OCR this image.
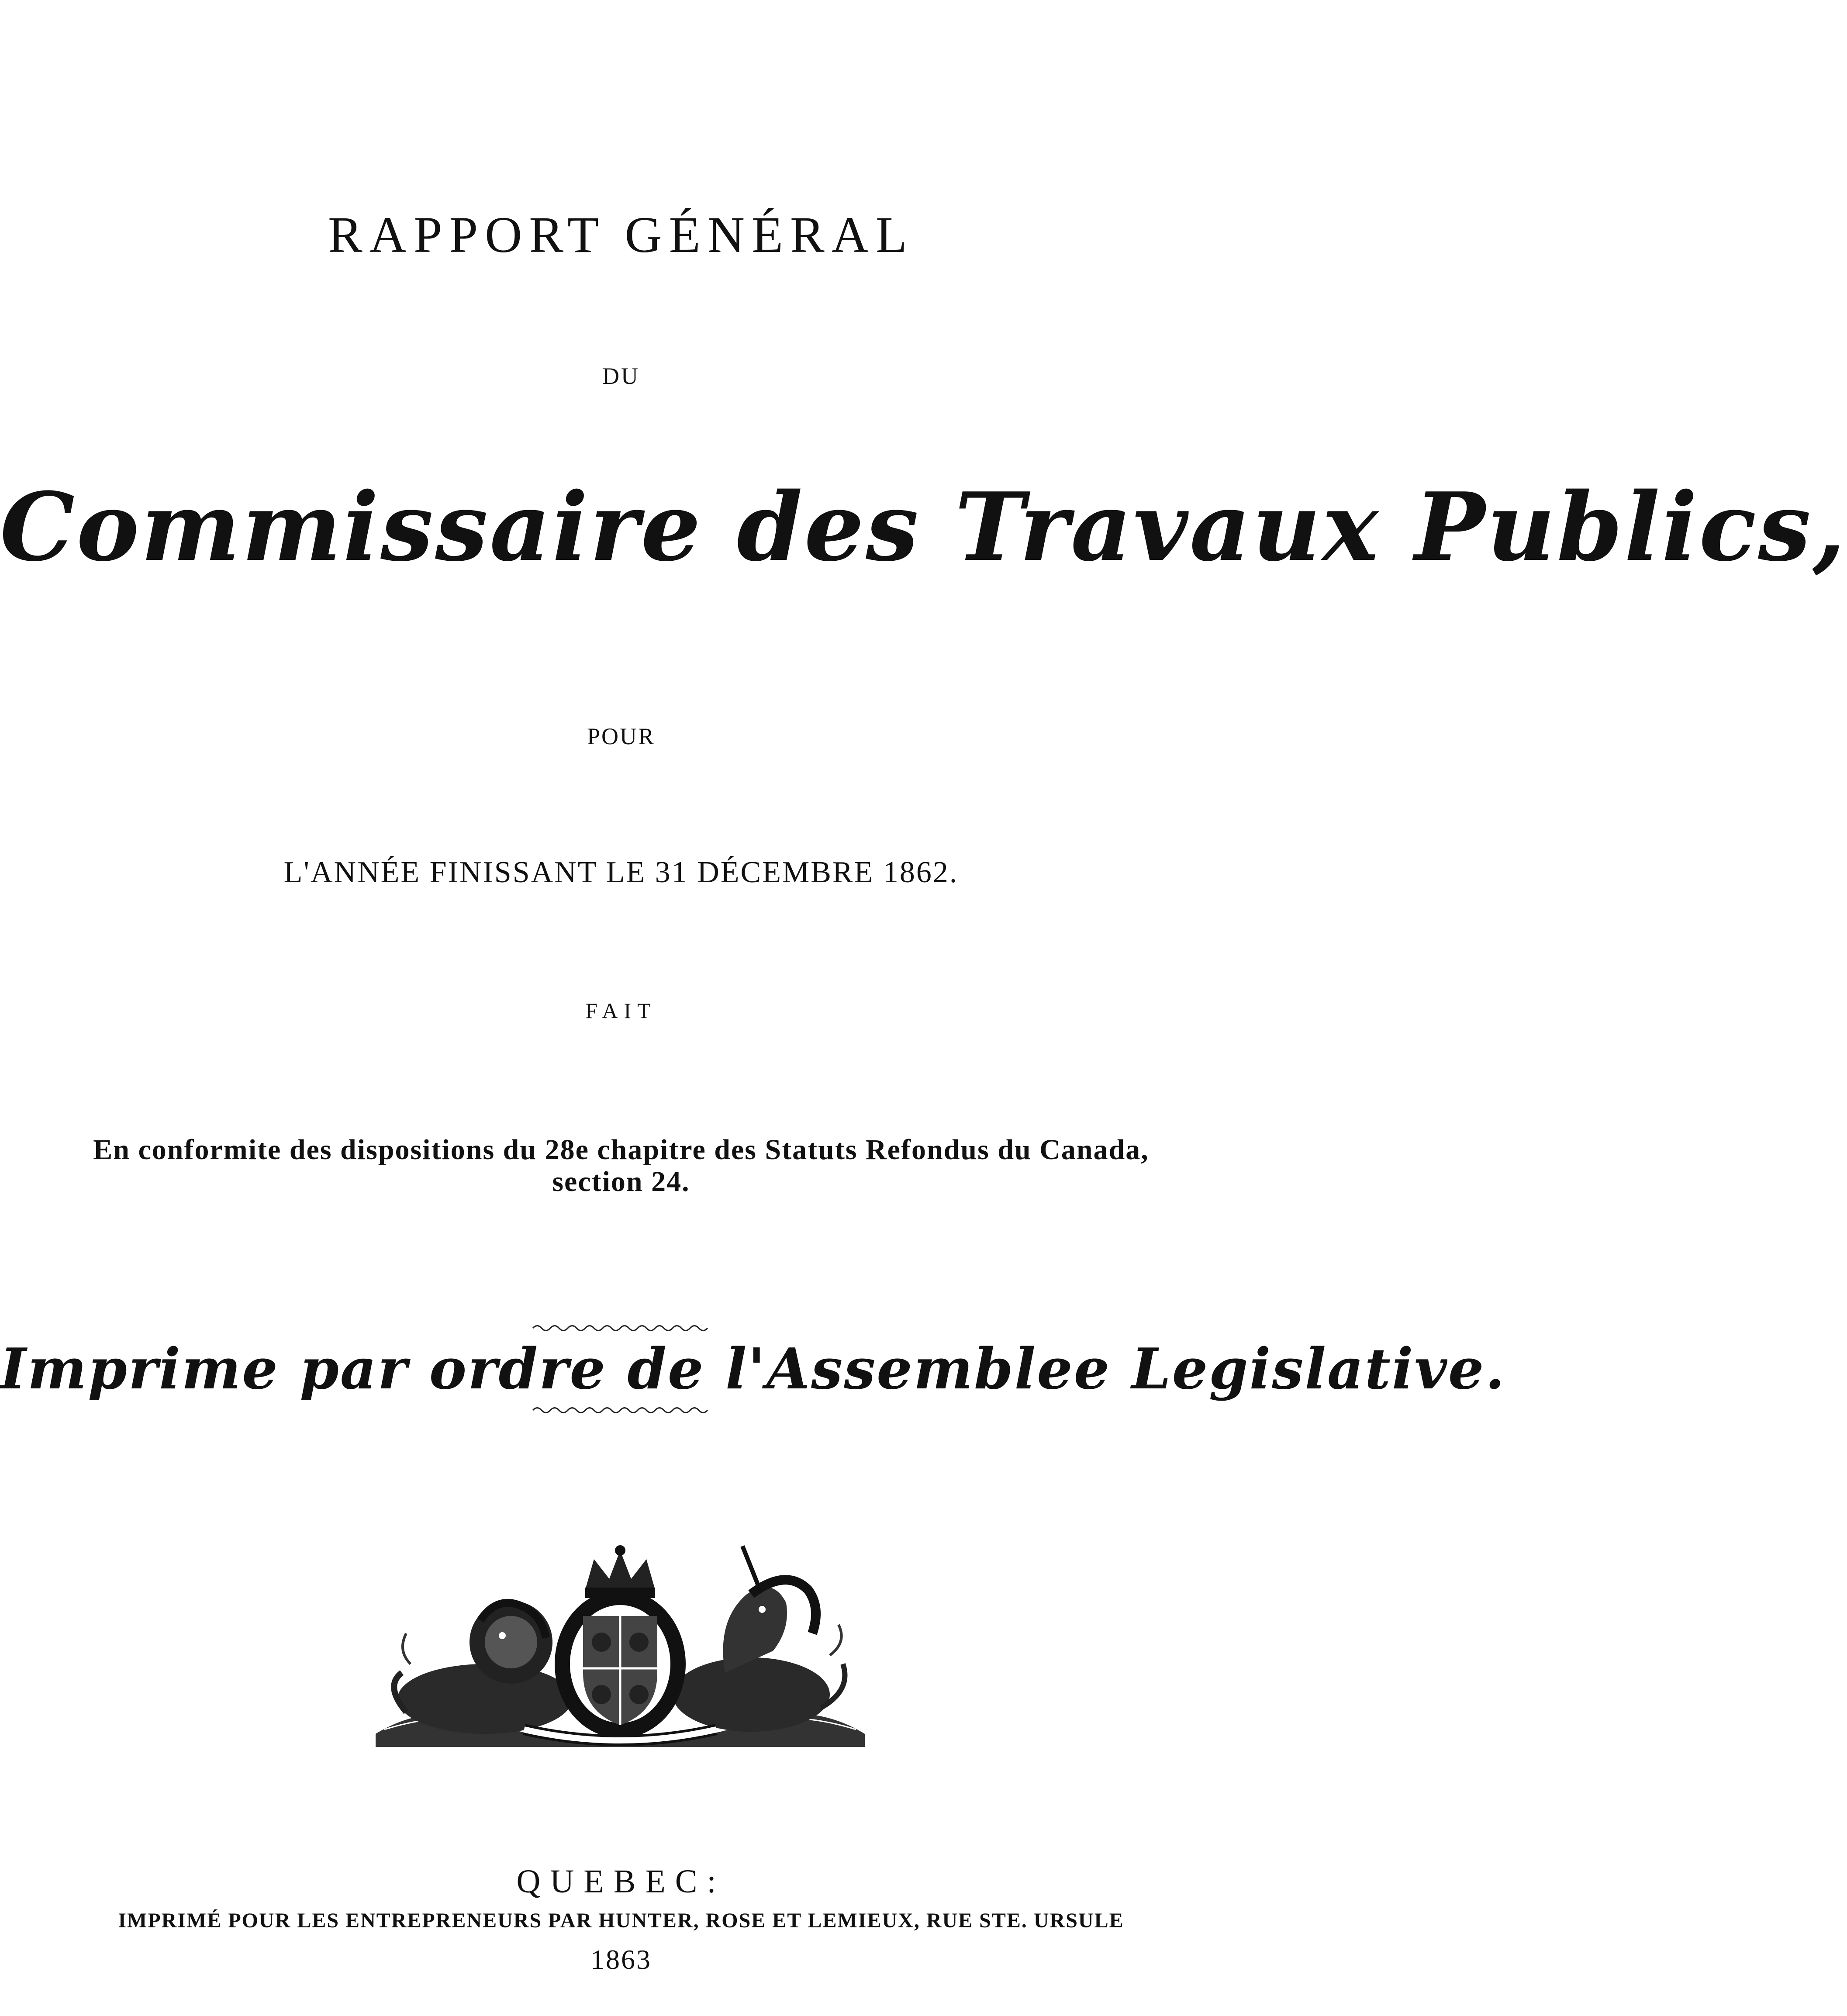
RAPPORT GÉNÉRAL
DU
Commissaire des Travaux Publics,
POUR
L'ANNÉE FINISSANT LE 31 DÉCEMBRE 1862.
FAIT
En conformite des dispositions du 28e chapitre des Statuts Refondus du Canada,
section 24.
Imprime par ordre de l'Assemblee Legislative.
QUEBEC:
IMPRIMÉ POUR LES ENTREPRENEURS PAR HUNTER, ROSE ET LEMIEUX, RUE STE. URSULE
1863
